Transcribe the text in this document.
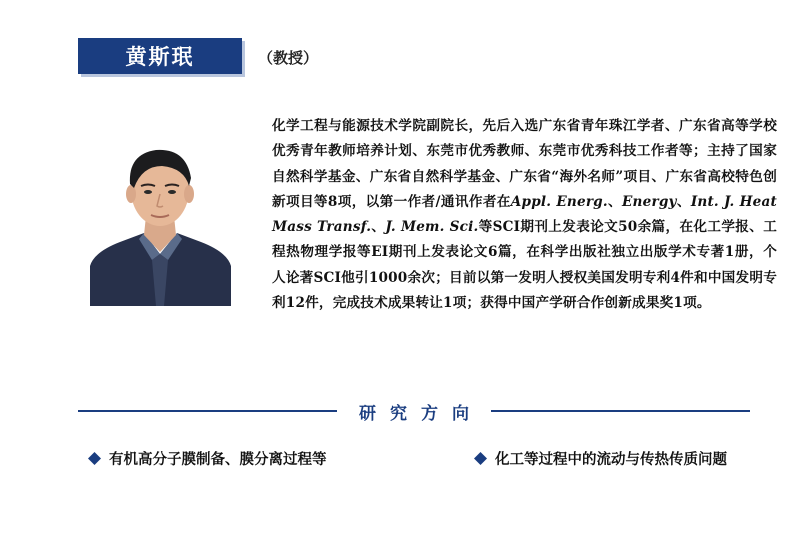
黄斯珉	（教授）
化学工程与能源技术学院副院长，先后入选广东省青年珠江学者、广东省高等学校优秀青年教师培养计划、东莞市优秀教师、东莞市优秀科技工作者等；主持了国家自然科学基金、广东省自然科学基金、广东省“海外名师”项目、广东省高校特色创新项目等8项，以第一作者/通讯作者在Appl. Energ.、Energy、Int. J. Heat Mass Transf.、J. Mem. Sci.等SCI期刊上发表论文50余篇，在化工学报、工程热物理学报等EI期刊上发表论文6篇，在科学出版社独立出版学术专著1册，个人论著SCI他引1000余次；目前以第一发明人授权美国发明专利4件和中国发明专利12件，完成技术成果转让1项；获得中国产学研合作创新成果奖1项。
研究方向
有机高分子膜制备、膜分离过程等	化工等过程中的流动与传热传质问题
